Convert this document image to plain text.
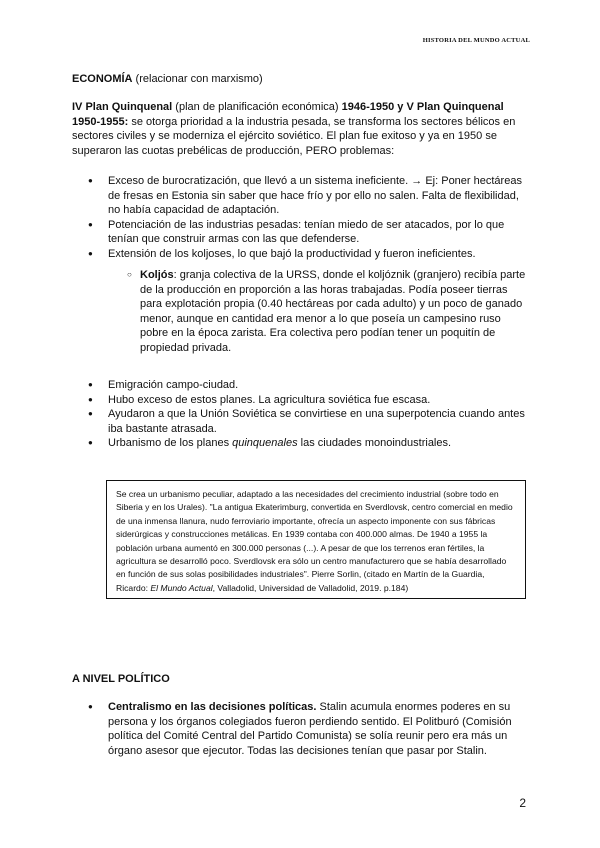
HISTORIA DEL MUNDO ACTUAL
ECONOMÍA (relacionar con marxismo)
IV Plan Quinquenal (plan de planificación económica) 1946-1950 y V Plan Quinquenal 1950-1955: se otorga prioridad a la industria pesada, se transforma los sectores bélicos en sectores civiles y se moderniza el ejército soviético. El plan fue exitoso y ya en 1950 se superaron las cuotas prebélicas de producción, PERO problemas:
●	Exceso de burocratización, que llevó a un sistema ineficiente. → Ej: Poner hectáreas de fresas en Estonia sin saber que hace frío y por ello no salen. Falta de flexibilidad, no había capacidad de adaptación.
●	Potenciación de las industrias pesadas: tenían miedo de ser atacados, por lo que tenían que construir armas con las que defenderse.
●	Extensión de los koljoses, lo que bajó la productividad y fueron ineficientes.
○ Koljós: granja colectiva de la URSS, donde el koljóznik (granjero) recibía parte de la producción en proporción a las horas trabajadas. Podía poseer tierras para explotación propia (0.40 hectáreas por cada adulto) y un poco de ganado menor, aunque en cantidad era menor a lo que poseía un campesino ruso pobre en la época zarista. Era colectiva pero podían tener un poquitín de propiedad privada.
●	Emigración campo-ciudad.
●	Hubo exceso de estos planes. La agricultura soviética fue escasa.
●	Ayudaron a que la Unión Soviética se convirtiese en una superpotencia cuando antes iba bastante atrasada.
●	Urbanismo de los planes quinquenales las ciudades monoindustriales.
Se crea un urbanismo peculiar, adaptado a las necesidades del crecimiento industrial (sobre todo en Siberia y en los Urales). "La antigua Ekaterimburg, convertida en Sverdlovsk, centro comercial en medio de una inmensa llanura, nudo ferroviario importante, ofrecía un aspecto imponente con sus fábricas siderúrgicas y construcciones metálicas. En 1939 contaba con 400.000 almas. De 1940 a 1955 la población urbana aumentó en 300.000 personas (...). A pesar de que los terrenos eran fértiles, la agricultura se desarrolló poco. Sverdlovsk era sólo un centro manufacturero que se había desarrollado en función de sus solas posibilidades industriales". Pierre Sorlin, (citado en Martín de la Guardia, Ricardo: El Mundo Actual, Valladolid, Universidad de Valladolid, 2019. p.184)
A NIVEL POLÍTICO
●	Centralismo en las decisiones políticas. Stalin acumula enormes poderes en su persona y los órganos colegiados fueron perdiendo sentido. El Politburó (Comisión política del Comité Central del Partido Comunista) se solía reunir pero era más un órgano asesor que ejecutor. Todas las decisiones tenían que pasar por Stalin.
2
